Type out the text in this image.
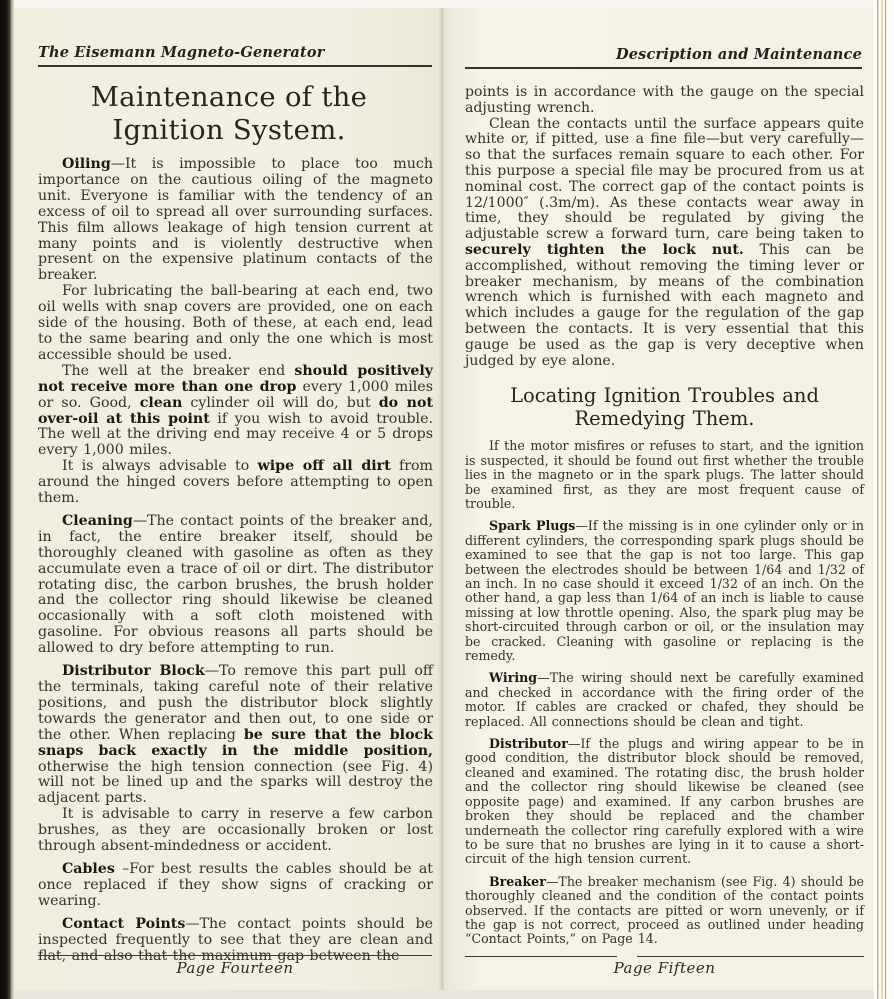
The Eisemann Magneto-Generator
Maintenance of the Ignition System.

Oiling—It is impossible to place too much importance on the cautious oiling of the magneto unit. Everyone is familiar with the tendency of an excess of oil to spread all over surrounding surfaces. This film allows leakage of high tension current at many points and is violently destructive when present on the expensive platinum contacts of the breaker.

For lubricating the ball-bearing at each end, two oil wells with snap covers are provided, one on each side of the housing. Both of these, at each end, lead to the same bearing and only the one which is most accessible should be used.

The well at the breaker end should positively not receive more than one drop every 1,000 miles or so. Good, clean cylinder oil will do, but do not over-oil at this point if you wish to avoid trouble. The well at the driving end may receive 4 or 5 drops every 1,000 miles.

It is always advisable to wipe off all dirt from around the hinged covers before attempting to open them.

Cleaning—The contact points of the breaker and, in fact, the entire breaker itself, should be thoroughly cleaned with gasoline as often as they accumulate even a trace of oil or dirt. The distributor rotating disc, the carbon brushes, the brush holder and the collector ring should likewise be cleaned occasionally with a soft cloth moistened with gasoline. For obvious reasons all parts should be allowed to dry before attempting to run.

Distributor Block—To remove this part pull off the terminals, taking careful note of their relative positions, and push the distributor block slightly towards the generator and then out, to one side or the other. When replacing be sure that the block snaps back exactly in the middle position, otherwise the high tension connection (see Fig. 4) will not be lined up and the sparks will destroy the adjacent parts.

It is advisable to carry in reserve a few carbon brushes, as they are occasionally broken or lost through absent-mindedness or accident.

Cables –For best results the cables should be at once replaced if they show signs of cracking or wearing.

Contact Points—The contact points should be inspected frequently to see that they are clean and flat, and also that the maximum gap between the

Page Fourteen
Description and Maintenance

points is in accordance with the gauge on the special adjusting wrench.

Clean the contacts until the surface appears quite white or, if pitted, use a fine file—but very carefully—so that the surfaces remain square to each other. For this purpose a special file may be procured from us at nominal cost. The correct gap of the contact points is 12/1000″ (.3m/m). As these contacts wear away in time, they should be regulated by giving the adjustable screw a forward turn, care being taken to securely tighten the lock nut. This can be accomplished, without removing the timing lever or breaker mechanism, by means of the combination wrench which is furnished with each magneto and which includes a gauge for the regulation of the gap between the contacts. It is very essential that this gauge be used as the gap is very deceptive when judged by eye alone.

Locating Ignition Troubles and Remedying Them.

If the motor misfires or refuses to start, and the ignition is suspected, it should be found out first whether the trouble lies in the magneto or in the spark plugs. The latter should be examined first, as they are most frequent cause of trouble.

Spark Plugs—If the missing is in one cylinder only or in different cylinders, the corresponding spark plugs should be examined to see that the gap is not too large. This gap between the electrodes should be between 1/64 and 1/32 of an inch. In no case should it exceed 1/32 of an inch. On the other hand, a gap less than 1/64 of an inch is liable to cause missing at low throttle opening. Also, the spark plug may be short-circuited through carbon or oil, or the insulation may be cracked. Cleaning with gasoline or replacing is the remedy.

Wiring—The wiring should next be carefully examined and checked in accordance with the firing order of the motor. If cables are cracked or chafed, they should be replaced. All connections should be clean and tight.

Distributor—If the plugs and wiring appear to be in good condition, the distributor block should be removed, cleaned and examined. The rotating disc, the brush holder and the collector ring should likewise be cleaned (see opposite page) and examined. If any carbon brushes are broken they should be replaced and the chamber underneath the collector ring carefully explored with a wire to be sure that no brushes are lying in it to cause a short-circuit of the high tension current.

Breaker—The breaker mechanism (see Fig. 4) should be thoroughly cleaned and the condition of the contact points observed. If the contacts are pitted or worn unevenly, or if the gap is not correct, proceed as outlined under heading “Contact Points,” on Page 14.

Page Fifteen
